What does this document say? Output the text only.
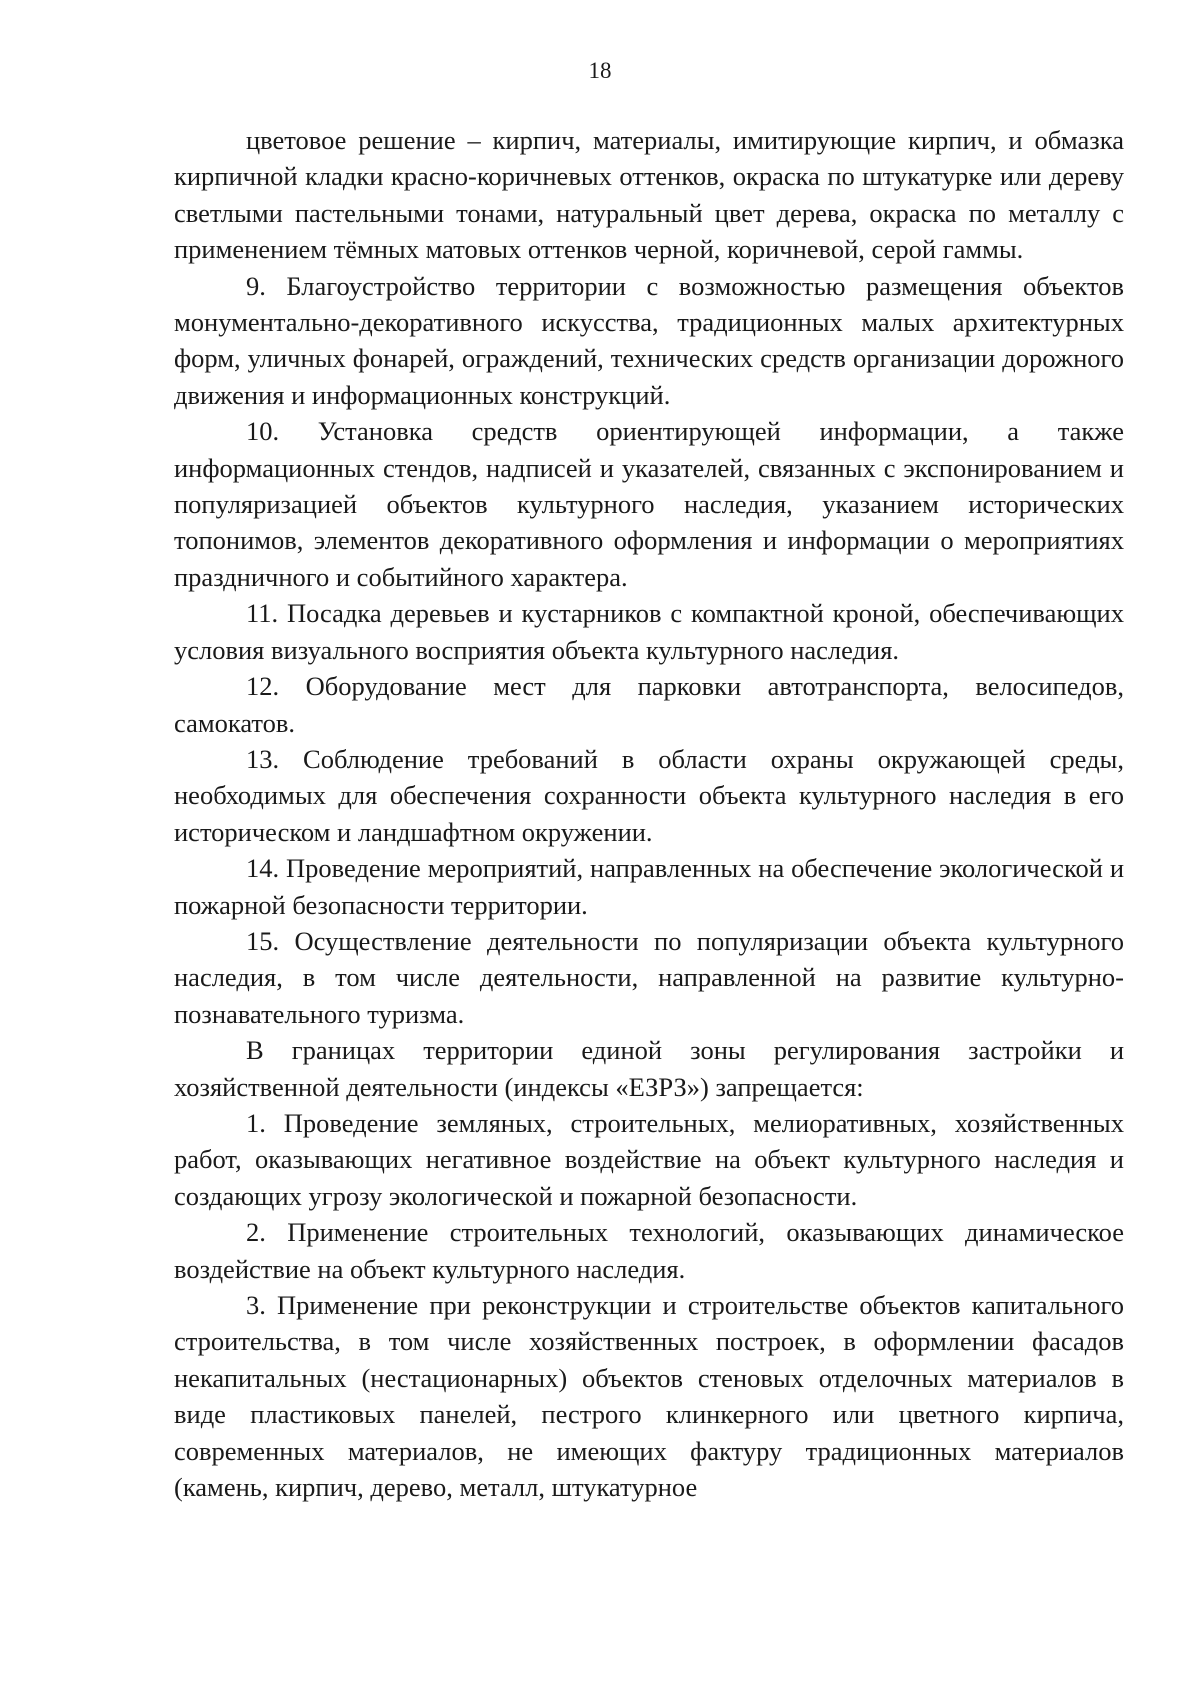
18

цветовое решение – кирпич, материалы, имитирующие кирпич, и обмазка кирпичной кладки красно-коричневых оттенков, окраска по штукатурке или дереву светлыми пастельными тонами, натуральный цвет дерева, окраска по металлу с применением тёмных матовых оттенков черной, коричневой, серой гаммы.

9. Благоустройство территории с возможностью размещения объектов монументально-декоративного искусства, традиционных малых архитектурных форм, уличных фонарей, ограждений, технических средств организации дорожного движения и информационных конструкций.

10. Установка средств ориентирующей информации, а также информационных стендов, надписей и указателей, связанных с экспонированием и популяризацией объектов культурного наследия, указанием исторических топонимов, элементов декоративного оформления и информации о мероприятиях праздничного и событийного характера.

11. Посадка деревьев и кустарников с компактной кроной, обеспечивающих условия визуального восприятия объекта культурного наследия.

12. Оборудование мест для парковки автотранспорта, велосипедов, самокатов.

13. Соблюдение требований в области охраны окружающей среды, необходимых для обеспечения сохранности объекта культурного наследия в его историческом и ландшафтном окружении.

14. Проведение мероприятий, направленных на обеспечение экологической и пожарной безопасности территории.

15. Осуществление деятельности по популяризации объекта культурного наследия, в том числе деятельности, направленной на развитие культурно-познавательного туризма.

В границах территории единой зоны регулирования застройки и хозяйственной деятельности (индексы «ЕЗРЗ») запрещается:

1. Проведение земляных, строительных, мелиоративных, хозяйственных работ, оказывающих негативное воздействие на объект культурного наследия и создающих угрозу экологической и пожарной безопасности.

2. Применение строительных технологий, оказывающих динамическое воздействие на объект культурного наследия.

3. Применение при реконструкции и строительстве объектов капитального строительства, в том числе хозяйственных построек, в оформлении фасадов некапитальных (нестационарных) объектов стеновых отделочных материалов в виде пластиковых панелей, пестрого клинкерного или цветного кирпича, современных материалов, не имеющих фактуру традиционных материалов (камень, кирпич, дерево, металл, штукатурное
